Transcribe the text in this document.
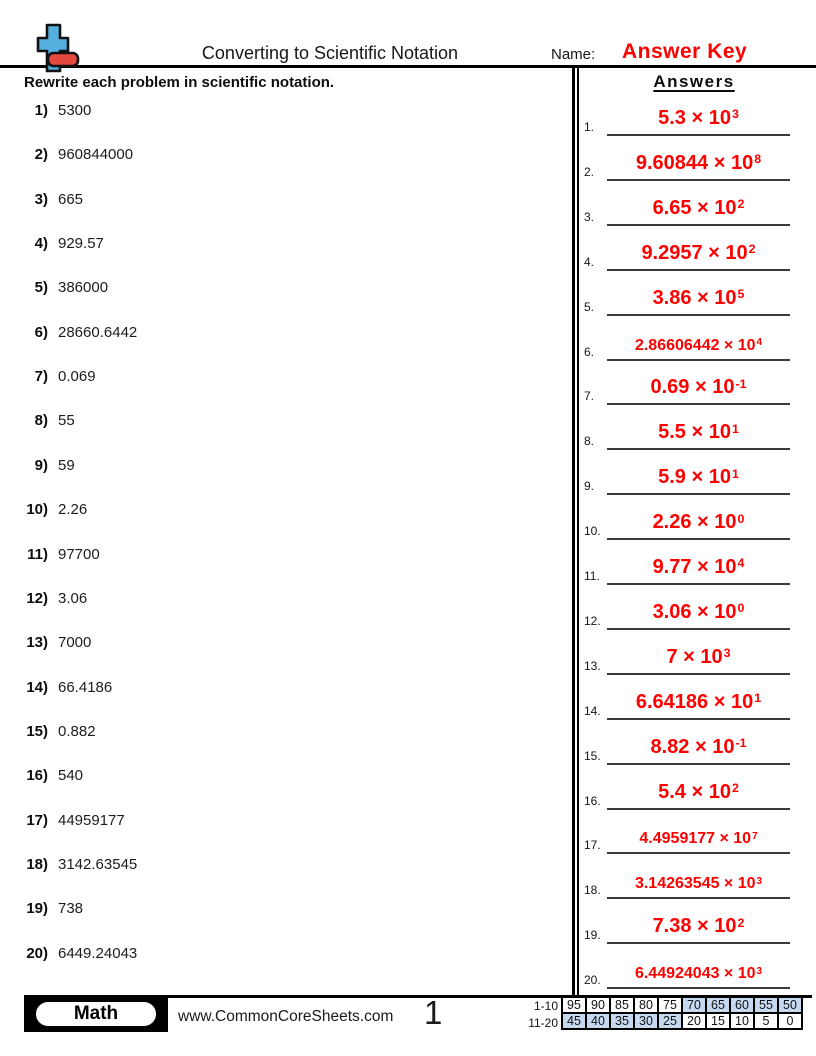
Converting to Scientific Notation	Name: Answer Key
Rewrite each problem in scientific notation.
1) 5300
2) 960844000
3) 665
4) 929.57
5) 386000
6) 28660.6442
7) 0.069
8) 55
9) 59
10) 2.26
11) 97700
12) 3.06
13) 7000
14) 66.4186
15) 0.882
16) 540
17) 44959177
18) 3142.63545
19) 738
20) 6449.24043
Answers
1.	$5.3 \times 10^3$
2.	$9.60844 \times 10^8$
3.	$6.65 \times 10^2$
4.	$9.2957 \times 10^2$
5.	$3.86 \times 10^5$
6.	$2.86606442 \times 10^4$
7.	$0.69 \times 10^{-1}$
8.	$5.5 \times 10^1$
9.	$5.9 \times 10^1$
10.	$2.26 \times 10^0$
11.	$9.77 \times 10^4$
12.	$3.06 \times 10^0$
13.	$7 \times 10^3$
14.	$6.64186 \times 10^1$
15.	$8.82 \times 10^{-1}$
16.	$5.4 \times 10^2$
17.	$4.4959177 \times 10^7$
18.	$3.14263545 \times 10^3$
19.	$7.38 \times 10^2$
20.	$6.44924043 \times 10^3$
Math	www.CommonCoreSheets.com 1	1-10
11-20
95	90	85	80	75	70	65	60	55	50
45	40	35	30	25	20	15	10	5	0
